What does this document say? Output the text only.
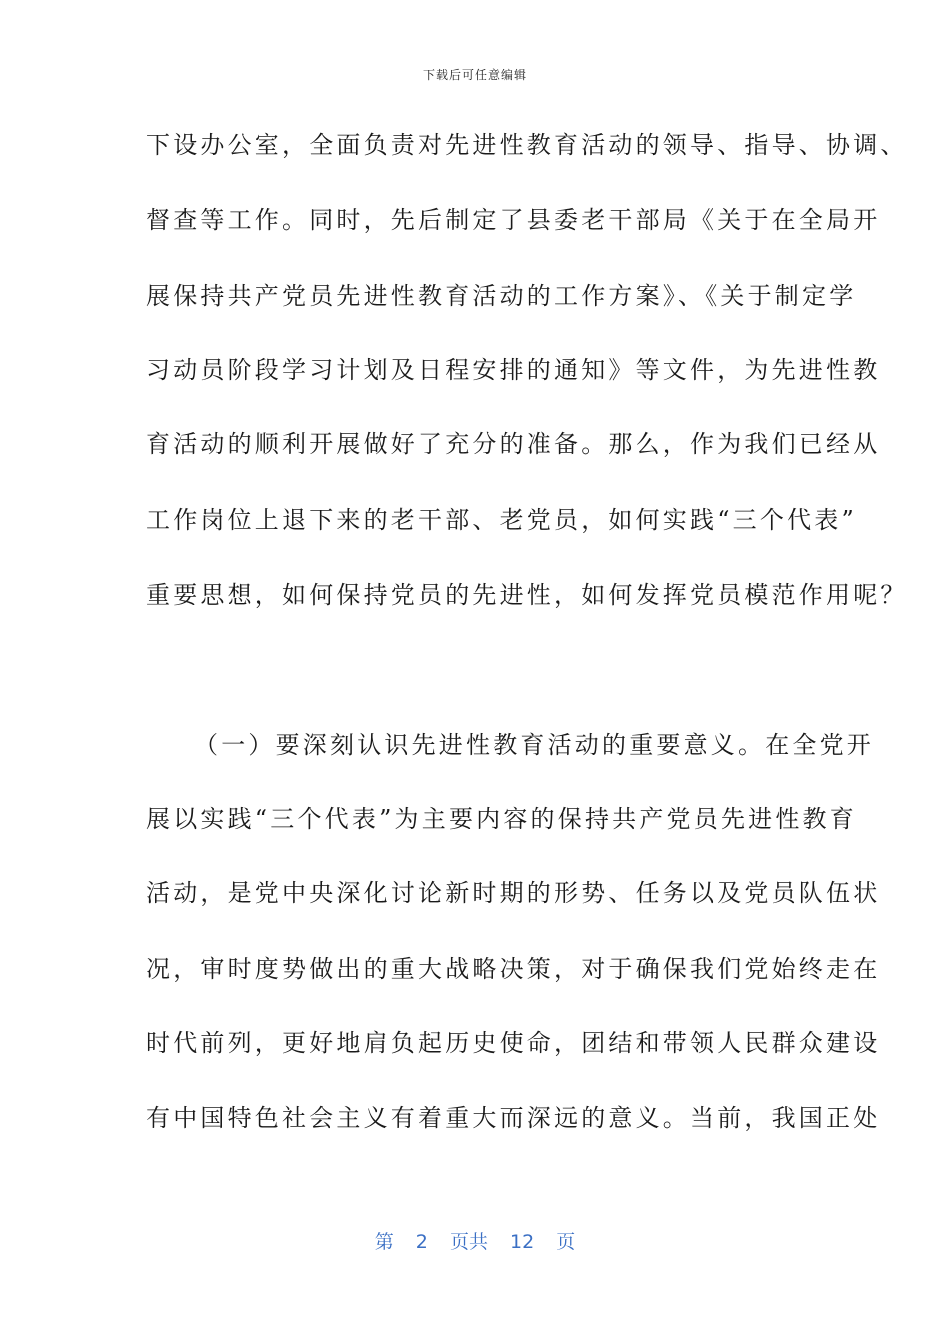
下载后可任意编辑
下设办公室，全面负责对先进性教育活动的领导、指导、协调、
督查等工作。同时，先后制定了县委老干部局《关于在全局开
展保持共产党员先进性教育活动的工作方案》、《关于制定学
习动员阶段学习计划及日程安排的通知》等文件，为先进性教
育活动的顺利开展做好了充分的准备。那么，作为我们已经从
工作岗位上退下来的老干部、老党员，如何实践“三个代表”
重要思想，如何保持党员的先进性，如何发挥党员模范作用呢？
（一）要深刻认识先进性教育活动的重要意义。在全党开
展以实践“三个代表”为主要内容的保持共产党员先进性教育
活动，是党中央深化讨论新时期的形势、任务以及党员队伍状
况，审时度势做出的重大战略决策，对于确保我们党始终走在
时代前列，更好地肩负起历史使命，团结和带领人民群众建设
有中国特色社会主义有着重大而深远的意义。当前，我国正处
第 2 页共 12 页
